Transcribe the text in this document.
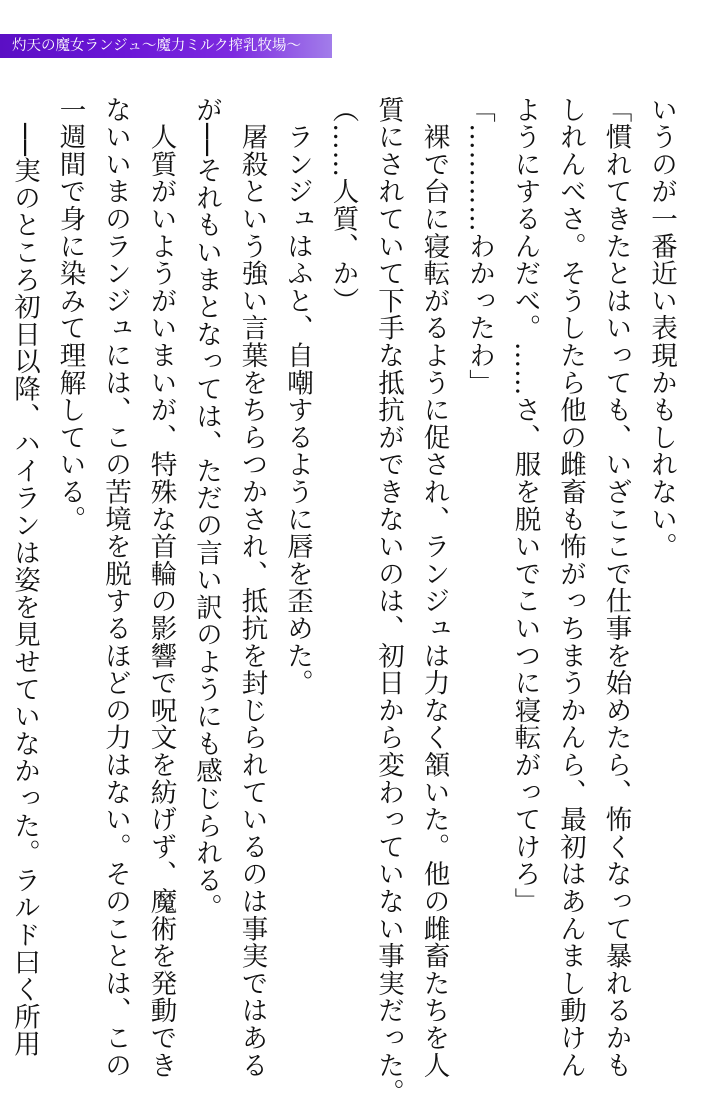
灼天の魔女ランジュ〜魔力ミルク搾乳牧場〜

いうのが一番近い表現かもしれない。

「慣れてきたとはいっても、いざここで仕事を始めたら、怖くなって暴れるかも

しれんべさ。そうしたら他の雌畜も怖がっちまうかんら、最初はあんまし動けん

ようにするんだべ。……さ、服を脱いでこいつに寝転がってけろ」

「…………わかったわ」

　裸で台に寝転がるように促され、ランジュは力なく頷いた。他の雌畜たちを人

質にされていて下手な抵抗ができないのは、初日から変わっていない事実だった。

（……人質、か）

　ランジュはふと、自嘲するように唇を歪めた。

　屠殺という強い言葉をちらつかされ、抵抗を封じられているのは事実ではある

が──それもいまとなっては、ただの言い訳のようにも感じられる。

　人質がいようがいまいが、特殊な首輪の影響で呪文を紡げず、魔術を発動でき

ないいまのランジュには、この苦境を脱するほどの力はない。そのことは、この

一週間で身に染みて理解している。

　──実のところ初日以降、ハイランは姿を見せていなかった。ラルド曰く所用
